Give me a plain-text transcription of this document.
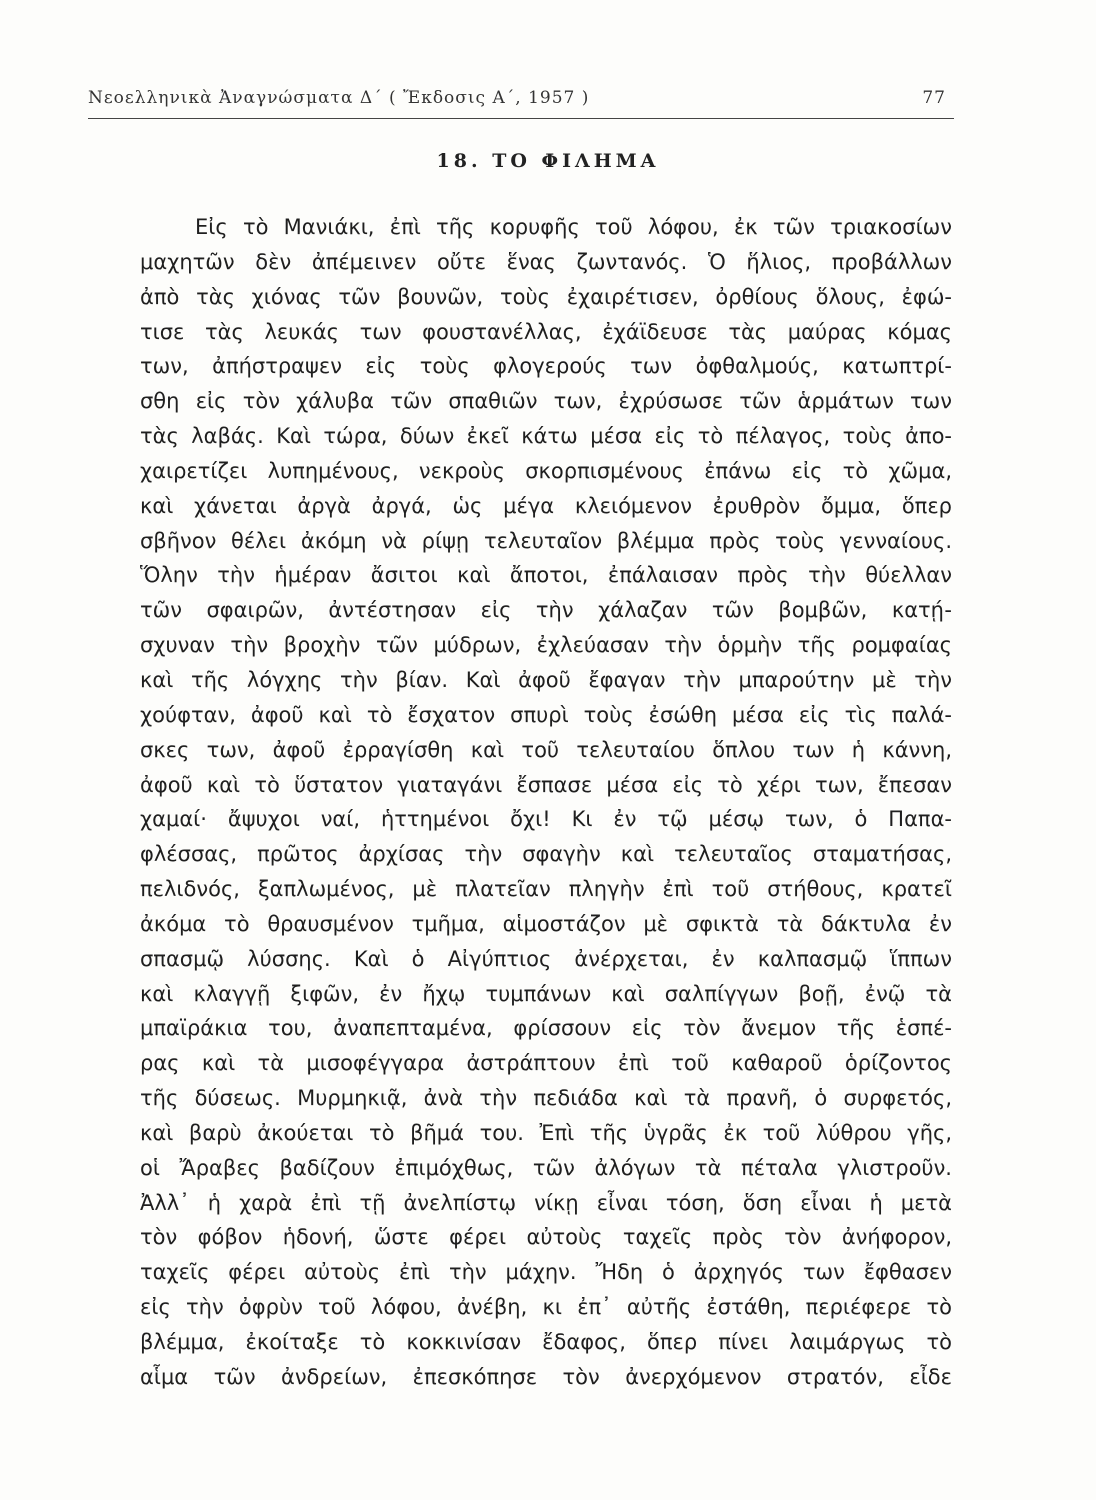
Νεοελληνικὰ Ἀναγνώσματα Δ΄ ( Ἔκδοσις Α΄, 1957 )	77
18. ΤΟ ΦΙΛΗΜΑ
Εἰς τὸ Μανιάκι, ἐπὶ τῆς κορυφῆς τοῦ λόφου, ἐκ τῶν τριακοσίων
μαχητῶν δὲν ἀπέμεινεν οὔτε ἕνας ζωντανός. Ὁ ἥλιος, προβάλλων
ἀπὸ τὰς χιόνας τῶν βουνῶν, τοὺς ἐχαιρέτισεν, ὀρθίους ὅλους, ἐφώ-
τισε τὰς λευκάς των φουστανέλλας, ἐχάϊδευσε τὰς μαύρας κόμας
των, ἀπήστραψεν εἰς τοὺς φλογερούς των ὀφθαλμούς, κατωπτρί-
σθη εἰς τὸν χάλυβα τῶν σπαθιῶν των, ἐχρύσωσε τῶν ἁρμάτων των
τὰς λαβάς. Καὶ τώρα, δύων ἐκεῖ κάτω μέσα εἰς τὸ πέλαγος, τοὺς ἀπο-
χαιρετίζει λυπημένους, νεκροὺς σκορπισμένους ἐπάνω εἰς τὸ χῶμα,
καὶ χάνεται ἀργὰ ἀργά, ὡς μέγα κλειόμενον ἐρυθρὸν ὄμμα, ὅπερ
σβῆνον θέλει ἀκόμη νὰ ρίψῃ τελευταῖον βλέμμα πρὸς τοὺς γενναίους.
Ὅλην τὴν ἡμέραν ἄσιτοι καὶ ἄποτοι, ἐπάλαισαν πρὸς τὴν θύελλαν
τῶν σφαιρῶν, ἀντέστησαν εἰς τὴν χάλαζαν τῶν βομβῶν, κατῄ-
σχυναν τὴν βροχὴν τῶν μύδρων, ἐχλεύασαν τὴν ὁρμὴν τῆς ρομφαίας
καὶ τῆς λόγχης τὴν βίαν. Καὶ ἀφοῦ ἔφαγαν τὴν μπαρούτην μὲ τὴν
χούφταν, ἀφοῦ καὶ τὸ ἔσχατον σπυρὶ τοὺς ἐσώθη μέσα εἰς τὶς παλά-
σκες των, ἀφοῦ ἐρραγίσθη καὶ τοῦ τελευταίου ὅπλου των ἡ κάννη,
ἀφοῦ καὶ τὸ ὕστατον γιαταγάνι ἔσπασε μέσα εἰς τὸ χέρι των, ἔπεσαν
χαμαί· ἄψυχοι ναί, ἡττημένοι ὄχι! Κι ἐν τῷ μέσῳ των, ὁ Παπα-
φλέσσας, πρῶτος ἀρχίσας τὴν σφαγὴν καὶ τελευταῖος σταματήσας,
πελιδνός, ξαπλωμένος, μὲ πλατεῖαν πληγὴν ἐπὶ τοῦ στήθους, κρατεῖ
ἀκόμα τὸ θραυσμένον τμῆμα, αἱμοστάζον μὲ σφικτὰ τὰ δάκτυλα ἐν
σπασμῷ λύσσης. Καὶ ὁ Αἰγύπτιος ἀνέρχεται, ἐν καλπασμῷ ἵππων
καὶ κλαγγῇ ξιφῶν, ἐν ἤχῳ τυμπάνων καὶ σαλπίγγων βοῇ, ἐνῷ τὰ
μπαϊράκια του, ἀναπεπταμένα, φρίσσουν εἰς τὸν ἄνεμον τῆς ἑσπέ-
ρας καὶ τὰ μισοφέγγαρα ἀστράπτουν ἐπὶ τοῦ καθαροῦ ὁρίζοντος
τῆς δύσεως. Μυρμηκιᾷ, ἀνὰ τὴν πεδιάδα καὶ τὰ πρανῆ, ὁ συρφετός,
καὶ βαρὺ ἀκούεται τὸ βῆμά του. Ἐπὶ τῆς ὑγρᾶς ἐκ τοῦ λύθρου γῆς,
οἱ Ἄραβες βαδίζουν ἐπιμόχθως, τῶν ἀλόγων τὰ πέταλα γλιστροῦν.
Ἀλλ᾽ ἡ χαρὰ ἐπὶ τῇ ἀνελπίστῳ νίκῃ εἶναι τόση, ὅση εἶναι ἡ μετὰ
τὸν φόβον ἡδονή, ὥστε φέρει αὐτοὺς ταχεῖς πρὸς τὸν ἀνήφορον,
ταχεῖς φέρει αὐτοὺς ἐπὶ τὴν μάχην. Ἤδη ὁ ἀρχηγός των ἔφθασεν
εἰς τὴν ὀφρὺν τοῦ λόφου, ἀνέβη, κι ἐπ᾽ αὐτῆς ἐστάθη, περιέφερε τὸ
βλέμμα, ἐκοίταξε τὸ κοκκινίσαν ἔδαφος, ὅπερ πίνει λαιμάργως τὸ
αἷμα τῶν ἀνδρείων, ἐπεσκόπησε τὸν ἀνερχόμενον στρατόν, εἶδε
